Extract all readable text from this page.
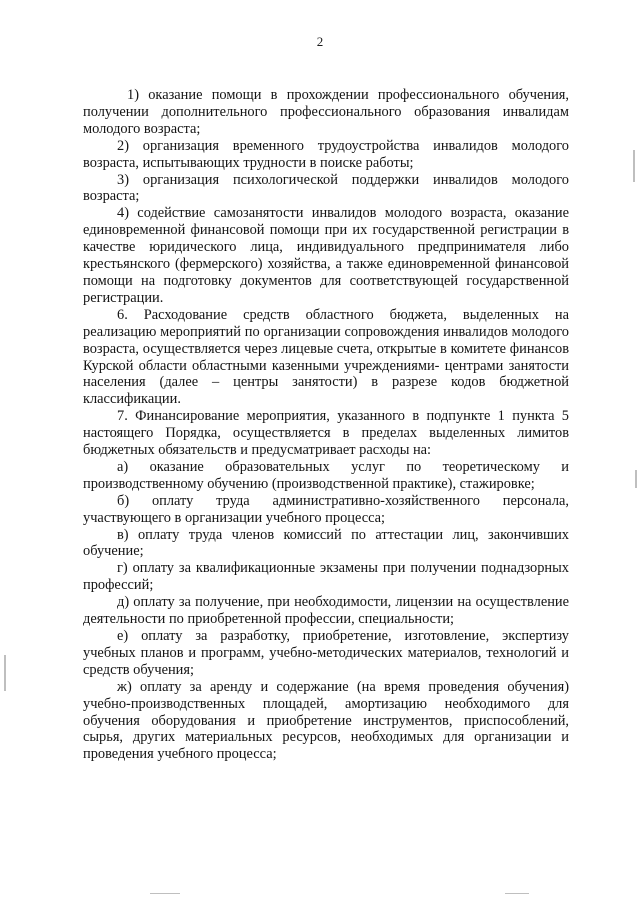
2

1) оказание помощи в прохождении профессионального обучения, получении дополнительного профессионального образования инвалидам молодого возраста;

2) организация временного трудоустройства инвалидов молодого возраста, испытывающих трудности в поиске работы;

3) организация психологической поддержки инвалидов молодого возраста;

4) содействие самозанятости инвалидов молодого возраста, оказание единовременной финансовой помощи при их государственной регистрации в качестве юридического лица, индивидуального предпринимателя либо крестьянского (фермерского) хозяйства, а также единовременной финансовой помощи на подготовку документов для соответствующей государственной регистрации.

6. Расходование средств областного бюджета, выделенных на реализацию мероприятий по организации сопровождения инвалидов молодого возраста, осуществляется через лицевые счета, открытые в комитете финансов Курской области областными казенными учреждениями- центрами занятости населения (далее – центры занятости) в разрезе кодов бюджетной классификации.

7. Финансирование мероприятия, указанного в подпункте 1 пункта 5 настоящего Порядка, осуществляется в пределах выделенных лимитов бюджетных обязательств и предусматривает расходы на:

а) оказание образовательных услуг по теоретическому и производственному обучению (производственной практике), стажировке;

б) оплату труда административно-хозяйственного персонала, участвующего в организации учебного процесса;

в) оплату труда членов комиссий по аттестации лиц, закончивших обучение;

г) оплату за квалификационные экзамены при получении поднадзорных профессий;

д) оплату за получение, при необходимости, лицензии на осуществление деятельности по приобретенной профессии, специальности;

е) оплату за разработку, приобретение, изготовление, экспертизу учебных планов и программ, учебно-методических материалов, технологий и средств обучения;

ж) оплату за аренду и содержание (на время проведения обучения) учебно-производственных площадей, амортизацию необходимого для обучения оборудования и приобретение инструментов, приспособлений, сырья, других материальных ресурсов, необходимых для организации и проведения учебного процесса;
